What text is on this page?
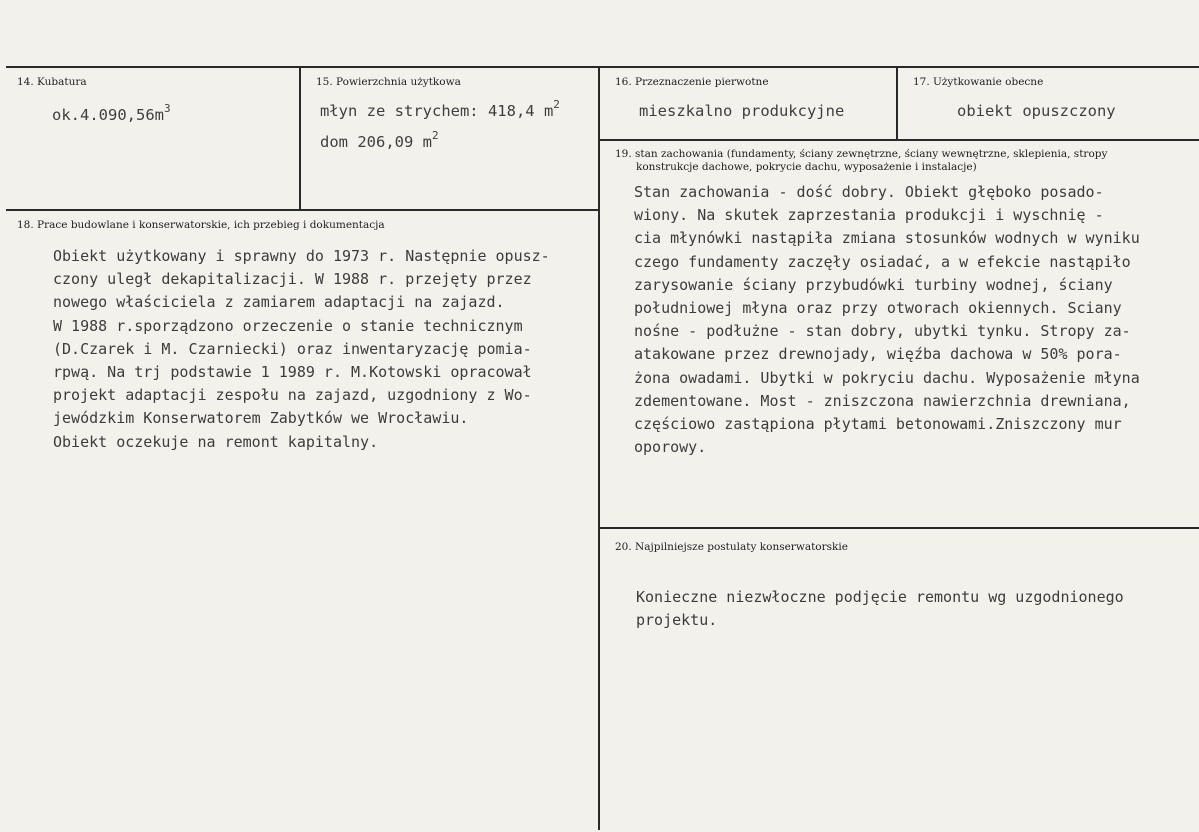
14. Kubatura
$ok.4.090,56m^3$
15. Powierzchnia użytkowa
młyn ze strychem: 418,4 $m^2$
dom 206,09 $m^2$
16. Przeznaczenie pierwotne
mieszkalno produkcyjne
17. Użytkowanie obecne
obiekt opuszczony
18. Prace budowlane i konserwatorskie, ich przebieg i dokumentacja
Obiekt użytkowany i sprawny do 1973 r. Następnie opusz-
czony uległ dekapitalizacji. W 1988 r. przejęty przez
nowego właściciela z zamiarem adaptacji na zajazd.
W 1988 r.sporządzono orzeczenie o stanie technicznym
(D.Czarek i M. Czarniecki) oraz inwentaryzację pomia-
rpwą. Na trj podstawie 1 1989 r. M.Kotowski opracował
projekt adaptacji zespołu na zajazd, uzgodniony z Wo-
jewódzkim Konserwatorem Zabytków we Wrocławiu.
Obiekt oczekuje na remont kapitalny.
19. stan zachowania (fundamenty, ściany zewnętrzne, ściany wewnętrzne, sklepienia, stropy
konstrukcje dachowe, pokrycie dachu, wyposażenie i instalacje)
Stan zachowania - dość dobry. Obiekt głęboko posado-
wiony. Na skutek zaprzestania produkcji i wyschnię -
cia młynówki nastąpiła zmiana stosunków wodnych w wyniku
czego fundamenty zaczęły osiadać, a w efekcie nastąpiło
zarysowanie ściany przybudówki turbiny wodnej, ściany
południowej młyna oraz przy otworach okiennych. Sciany
nośne - podłużne - stan dobry, ubytki tynku. Stropy za-
atakowane przez drewnojady, więźba dachowa w 50% pora-
żona owadami. Ubytki w pokryciu dachu. Wyposażenie młyna
zdementowane. Most - zniszczona nawierzchnia drewniana,
częściowo zastąpiona płytami betonowami.Zniszczony mur
oporowy.
20. Najpilniejsze postulaty konserwatorskie
Konieczne niezwłoczne podjęcie remontu wg uzgodnionego
projektu.
